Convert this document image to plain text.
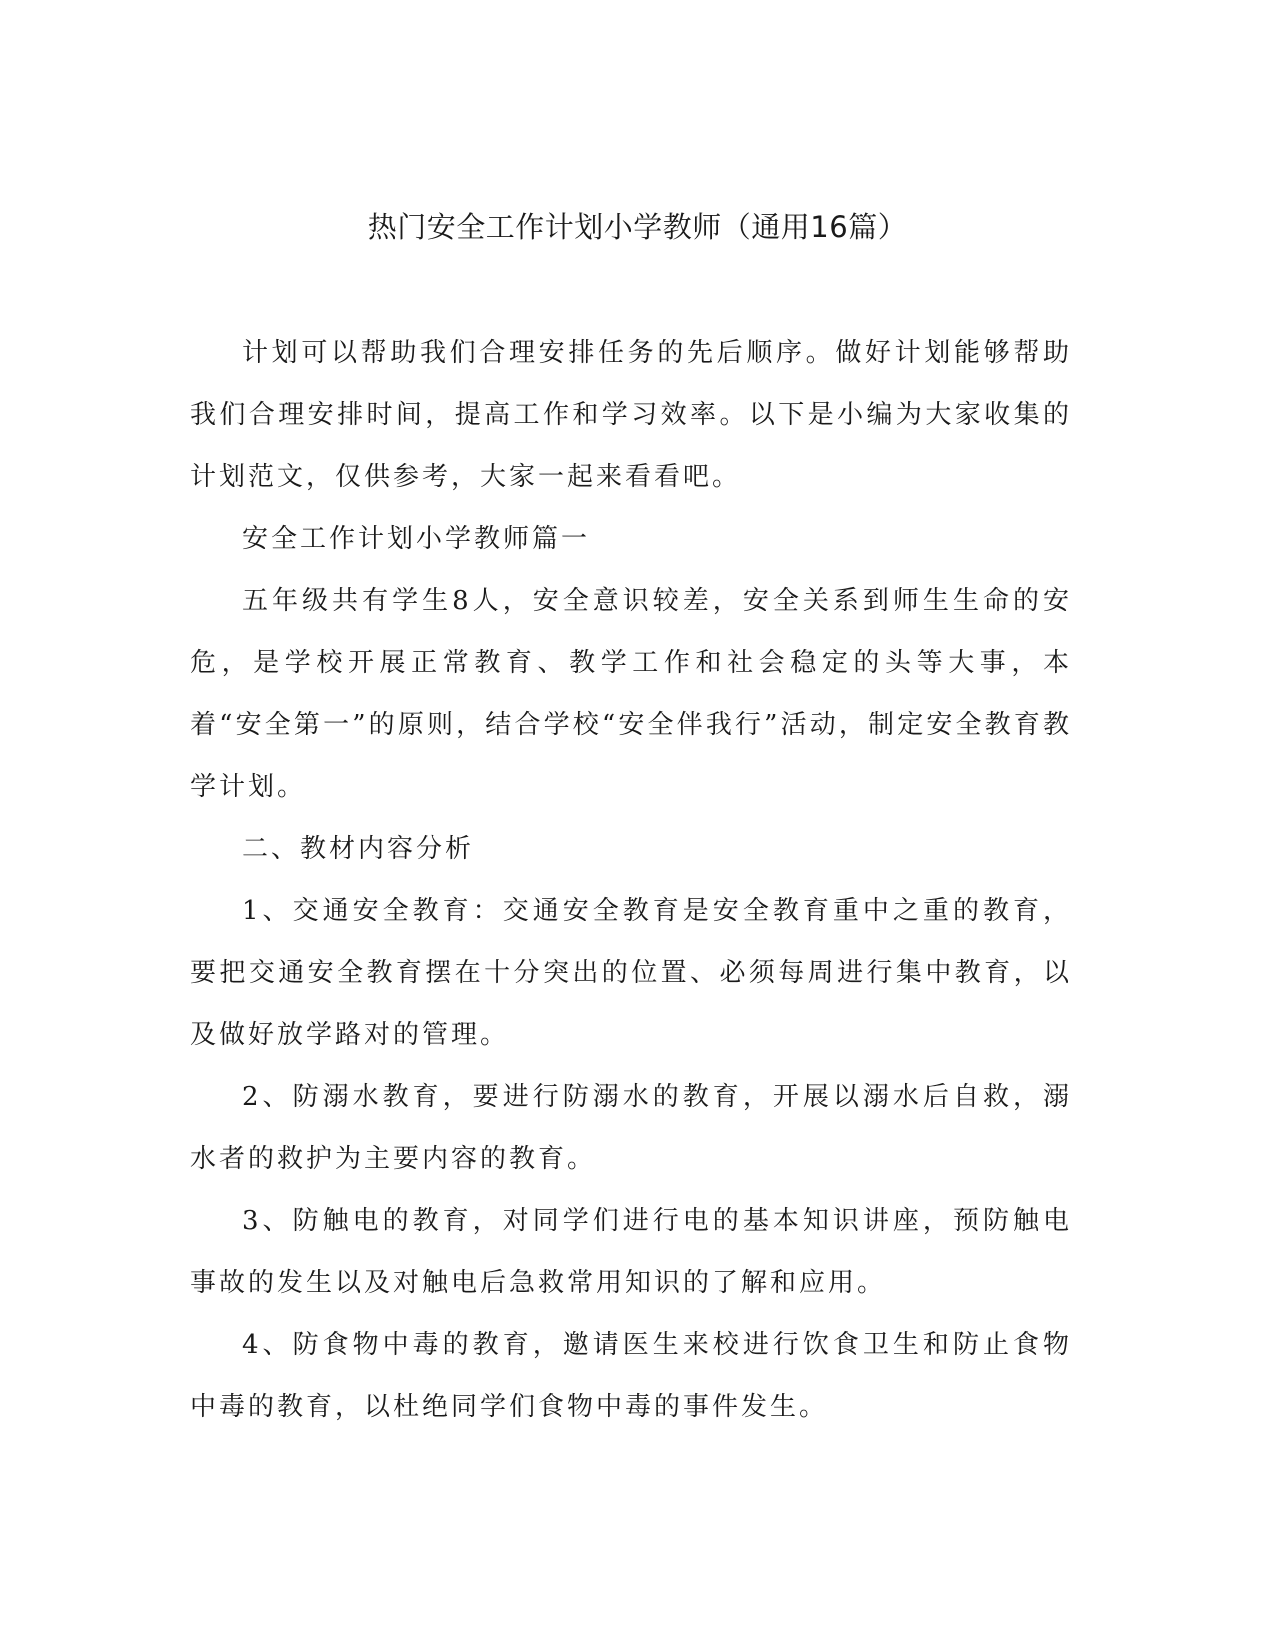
热门安全工作计划小学教师（通用16篇）

计划可以帮助我们合理安排任务的先后顺序。做好计划能够帮助我们合理安排时间，提高工作和学习效率。以下是小编为大家收集的计划范文，仅供参考，大家一起来看看吧。

安全工作计划小学教师篇一

五年级共有学生8人，安全意识较差，安全关系到师生生命的安危，是学校开展正常教育、教学工作和社会稳定的头等大事，本着“安全第一”的原则，结合学校“安全伴我行”活动，制定安全教育教学计划。

二、教材内容分析

1、交通安全教育：交通安全教育是安全教育重中之重的教育，要把交通安全教育摆在十分突出的位置、必须每周进行集中教育，以及做好放学路对的管理。

2、防溺水教育，要进行防溺水的教育，开展以溺水后自救，溺水者的救护为主要内容的教育。

3、防触电的教育，对同学们进行电的基本知识讲座，预防触电事故的发生以及对触电后急救常用知识的了解和应用。

4、防食物中毒的教育，邀请医生来校进行饮食卫生和防止食物中毒的教育，以杜绝同学们食物中毒的事件发生。
